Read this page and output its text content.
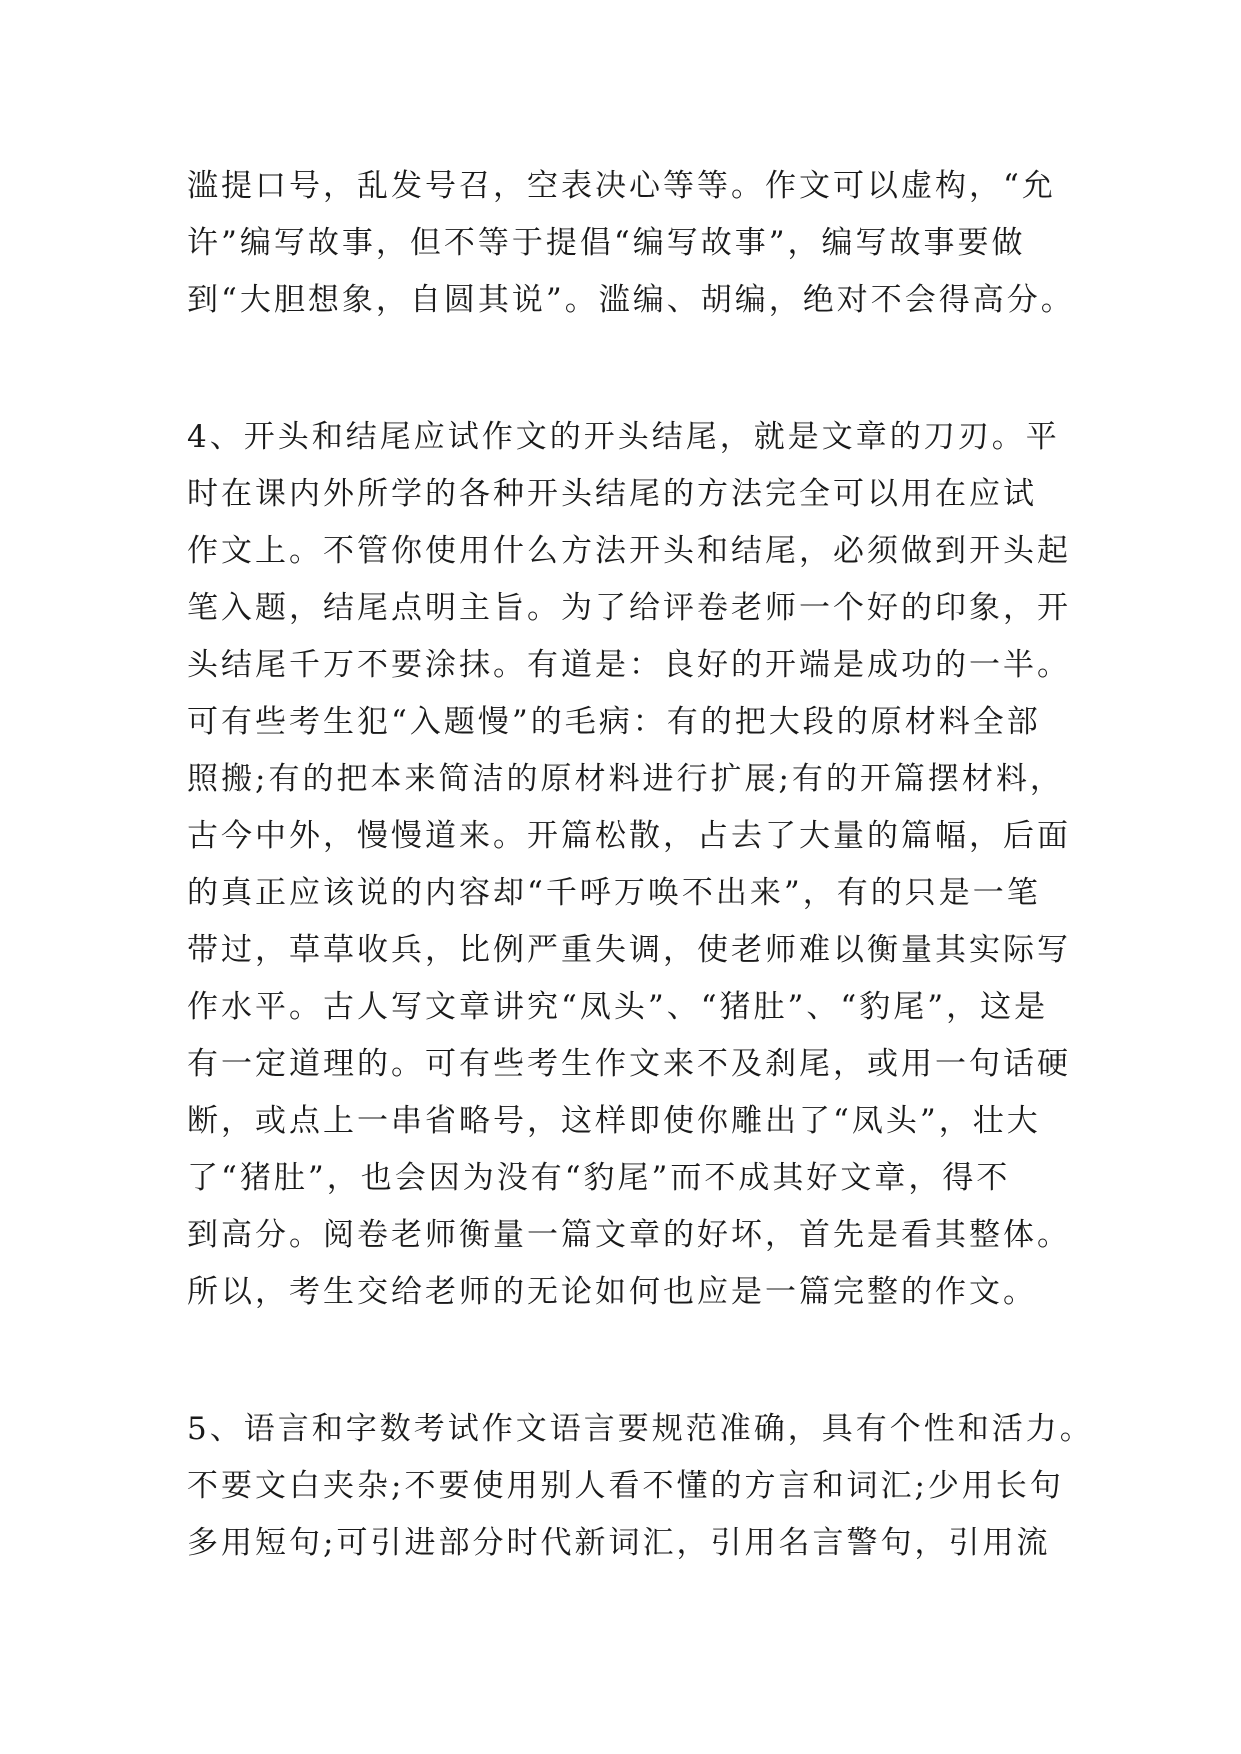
滥提口号，乱发号召，空表决心等等。作文可以虚构，“允
许”编写故事，但不等于提倡“编写故事”，编写故事要做
到“大胆想象，自圆其说”。滥编、胡编，绝对不会得高分。
4、开头和结尾应试作文的开头结尾，就是文章的刀刃。平
时在课内外所学的各种开头结尾的方法完全可以用在应试
作文上。不管你使用什么方法开头和结尾，必须做到开头起
笔入题，结尾点明主旨。为了给评卷老师一个好的印象，开
头结尾千万不要涂抹。有道是：良好的开端是成功的一半。
可有些考生犯“入题慢”的毛病：有的把大段的原材料全部
照搬;有的把本来简洁的原材料进行扩展;有的开篇摆材料，
古今中外，慢慢道来。开篇松散，占去了大量的篇幅，后面
的真正应该说的内容却“千呼万唤不出来”，有的只是一笔
带过，草草收兵，比例严重失调，使老师难以衡量其实际写
作水平。古人写文章讲究“凤头”、“猪肚”、“豹尾”，这是
有一定道理的。可有些考生作文来不及刹尾，或用一句话硬
断，或点上一串省略号，这样即使你雕出了“凤头”，壮大
了“猪肚”，也会因为没有“豹尾”而不成其好文章，得不
到高分。阅卷老师衡量一篇文章的好坏，首先是看其整体。
所以，考生交给老师的无论如何也应是一篇完整的作文。
5、语言和字数考试作文语言要规范准确，具有个性和活力。
不要文白夹杂;不要使用别人看不懂的方言和词汇;少用长句
多用短句;可引进部分时代新词汇，引用名言警句，引用流
